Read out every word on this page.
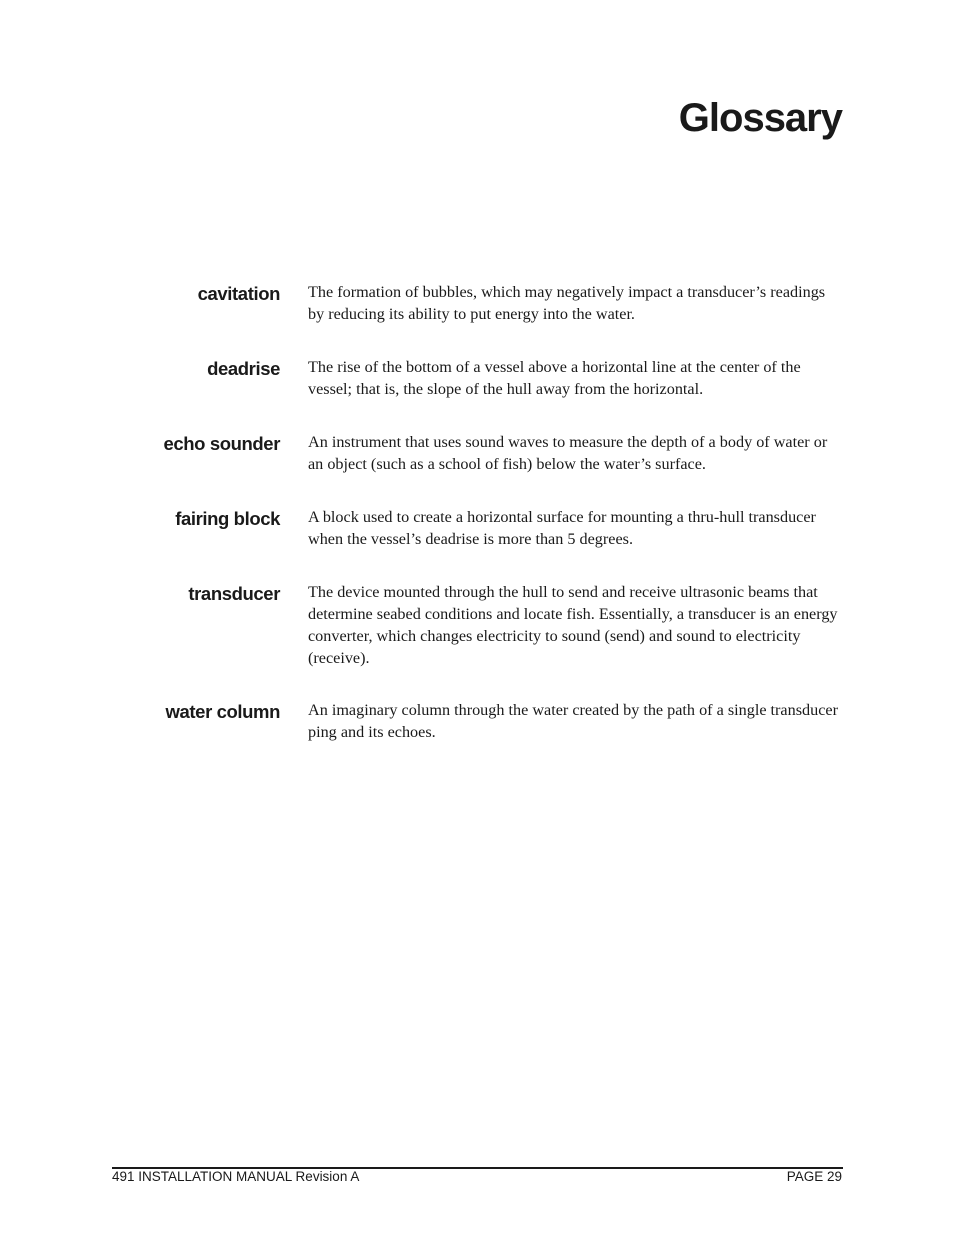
Glossary
cavitation The formation of bubbles, which may negatively impact a transducer’s readings by reducing its ability to put energy into the water.
deadrise The rise of the bottom of a vessel above a horizontal line at the center of the vessel; that is, the slope of the hull away from the horizontal.
echo sounder An instrument that uses sound waves to measure the depth of a body of water or an object (such as a school of fish) below the water’s surface.
fairing block A block used to create a horizontal surface for mounting a thru-hull transducer when the vessel’s deadrise is more than 5 degrees.
transducer The device mounted through the hull to send and receive ultrasonic beams that determine seabed conditions and locate fish. Essentially, a transducer is an energy converter, which changes electricity to sound (send) and sound to electricity (receive).
water column An imaginary column through the water created by the path of a single transducer ping and its echoes.
491 INSTALLATION MANUAL Revision A	PAGE 29
